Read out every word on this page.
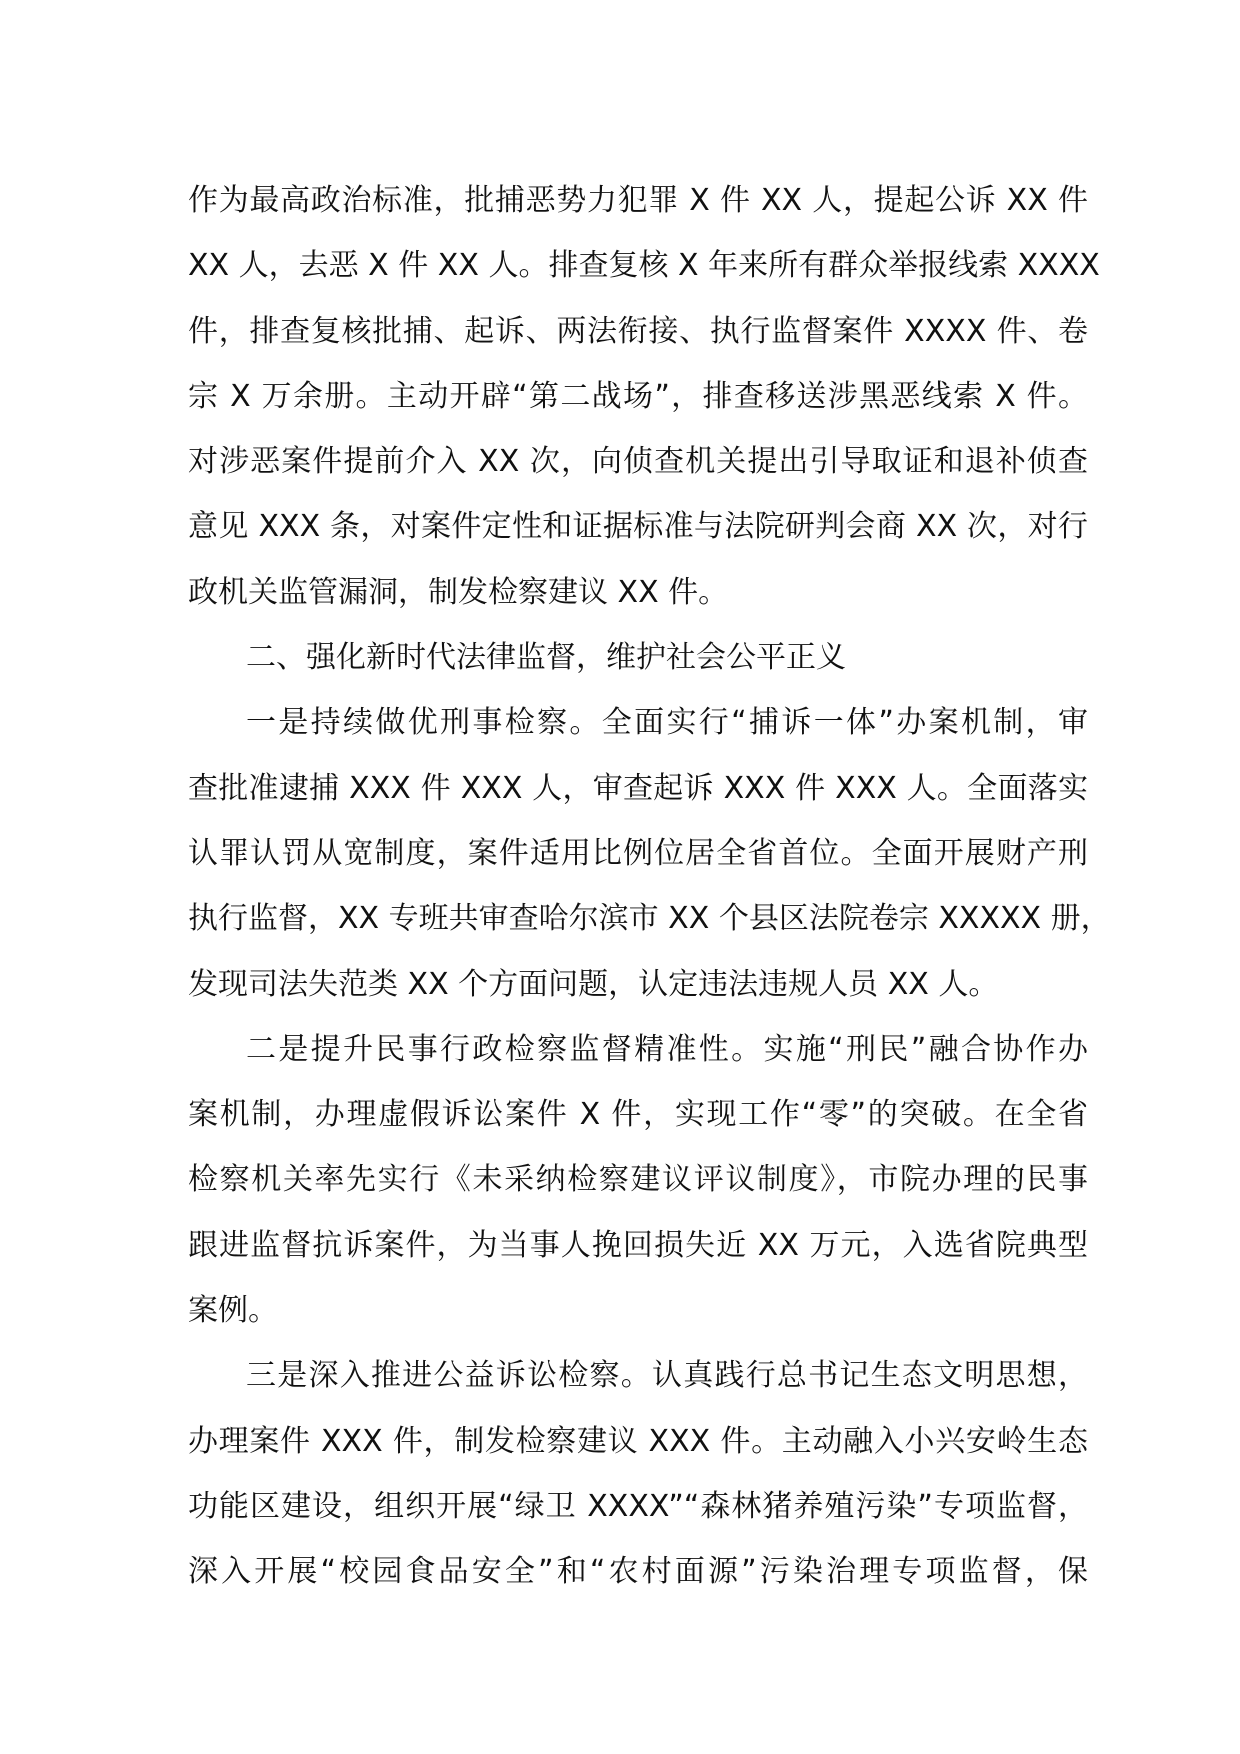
作为最高政治标准，批捕恶势力犯罪 X 件 XX 人，提起公诉 XX 件
XX 人，去恶 X 件 XX 人。排查复核 X 年来所有群众举报线索 XXXX
件，排查复核批捕、起诉、两法衔接、执行监督案件 XXXX 件、卷
宗 X 万余册。主动开辟“第二战场”，排查移送涉黑恶线索 X 件。
对涉恶案件提前介入 XX 次，向侦查机关提出引导取证和退补侦查
意见 XXX 条，对案件定性和证据标准与法院研判会商 XX 次，对行
政机关监管漏洞，制发检察建议 XX 件。
二、强化新时代法律监督，维护社会公平正义
一是持续做优刑事检察。全面实行“捕诉一体”办案机制，审
查批准逮捕 XXX 件 XXX 人，审查起诉 XXX 件 XXX 人。全面落实
认罪认罚从宽制度，案件适用比例位居全省首位。全面开展财产刑
执行监督，XX 专班共审查哈尔滨市 XX 个县区法院卷宗 XXXXX 册，
发现司法失范类 XX 个方面问题，认定违法违规人员 XX 人。
二是提升民事行政检察监督精准性。实施“刑民”融合协作办
案机制，办理虚假诉讼案件 X 件，实现工作“零”的突破。在全省
检察机关率先实行《未采纳检察建议评议制度》，市院办理的民事
跟进监督抗诉案件，为当事人挽回损失近 XX 万元，入选省院典型
案例。
三是深入推进公益诉讼检察。认真践行总书记生态文明思想，
办理案件 XXX 件，制发检察建议 XXX 件。主动融入小兴安岭生态
功能区建设，组织开展“绿卫 XXXX”“森林猪养殖污染”专项监督，
深入开展“校园食品安全”和“农村面源”污染治理专项监督，保
